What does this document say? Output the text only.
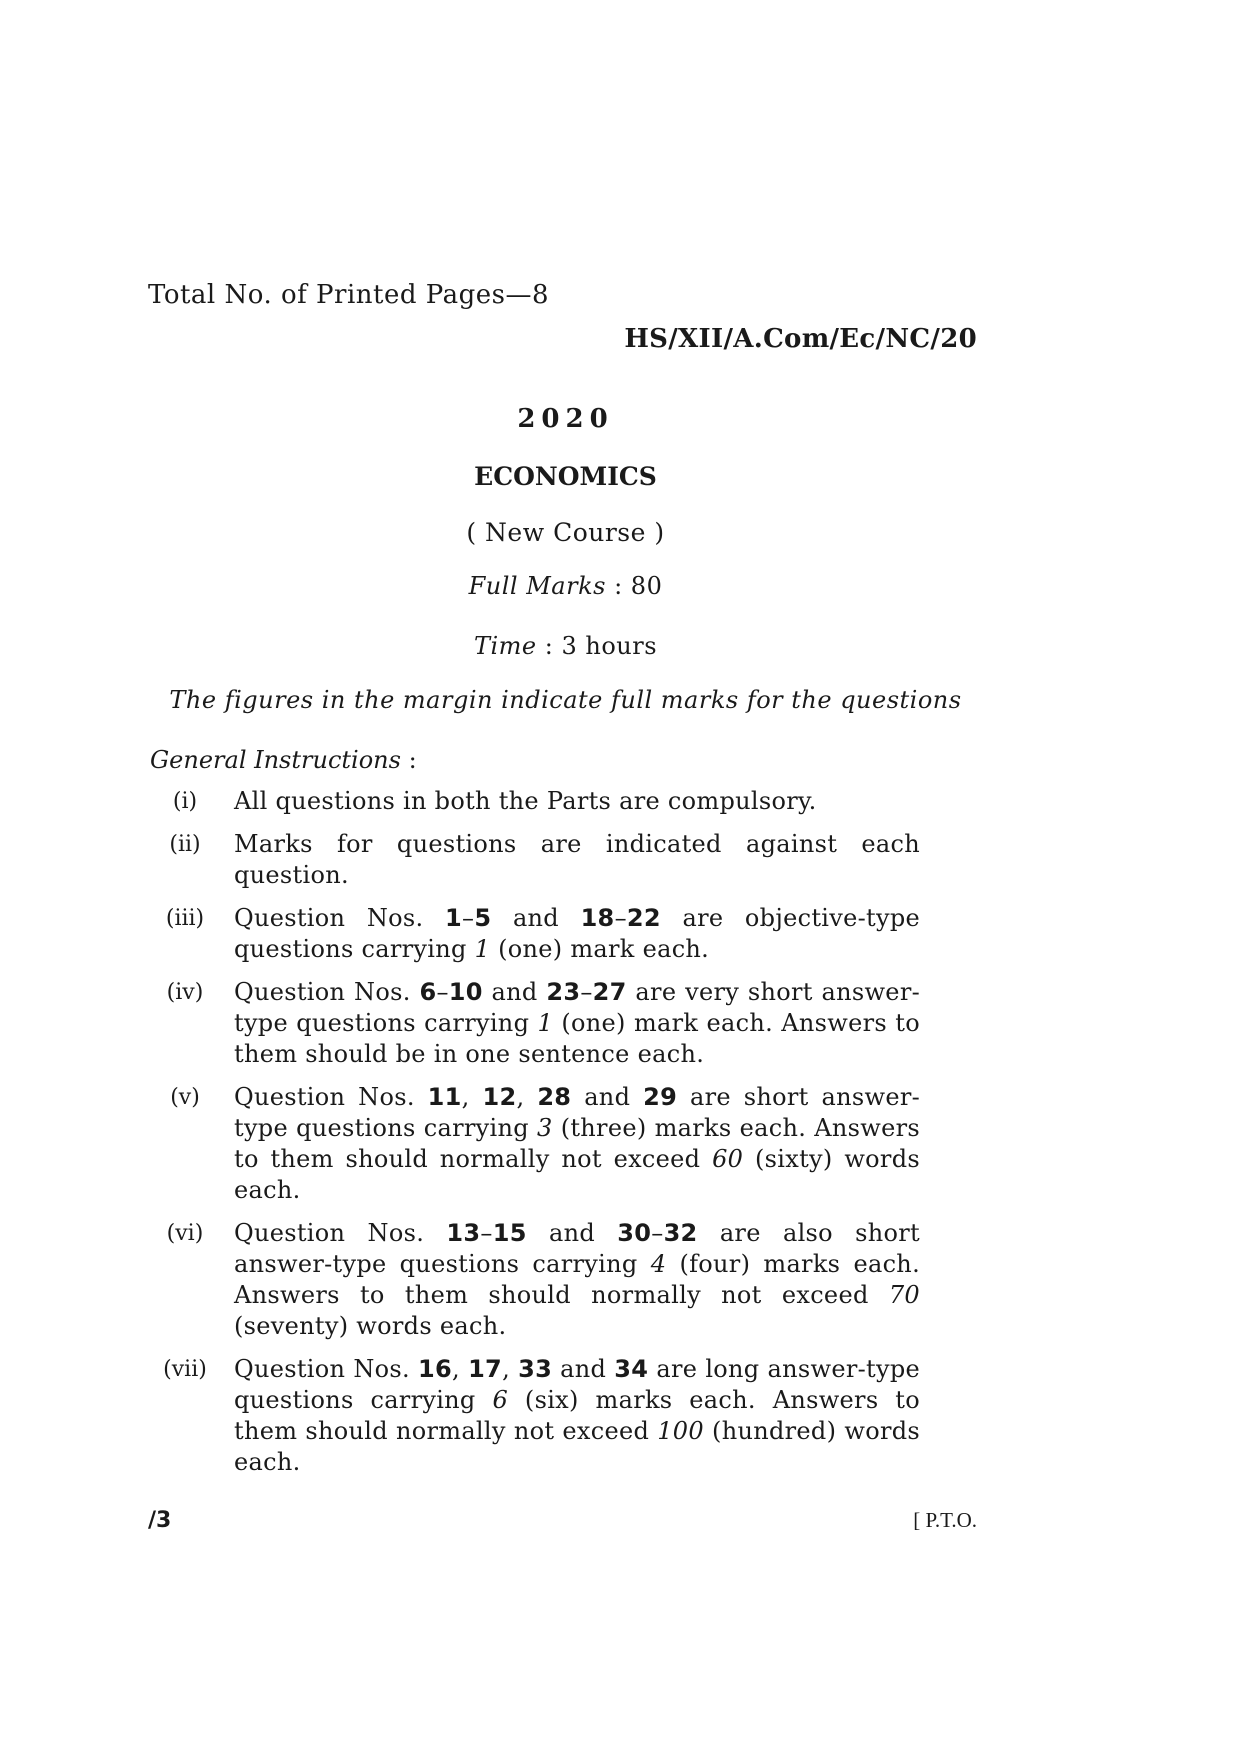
Total No. of Printed Pages—8
HS/XII/A.Com/Ec/NC/20
2020
ECONOMICS
( New Course )
Full Marks : 80
Time : 3 hours
The figures in the margin indicate full marks for the questions
General Instructions :
(i)	All questions in both the Parts are compulsory.
(ii)	Marks for questions are indicated against each question.
(iii)	Question Nos. 1–5 and 18–22 are objective-type questions carrying 1 (one) mark each.
(iv)	Question Nos. 6–10 and 23–27 are very short answer-type questions carrying 1 (one) mark each. Answers to them should be in one sentence each.
(v)	Question Nos. 11, 12, 28 and 29 are short answer-type questions carrying 3 (three) marks each. Answers to them should normally not exceed 60 (sixty) words each.
(vi)	Question Nos. 13–15 and 30–32 are also short answer-type questions carrying 4 (four) marks each. Answers to them should normally not exceed 70 (seventy) words each.
(vii)	Question Nos. 16, 17, 33 and 34 are long answer-type questions carrying 6 (six) marks each. Answers to them should normally not exceed 100 (hundred) words each.
/3	[ P.T.O.
